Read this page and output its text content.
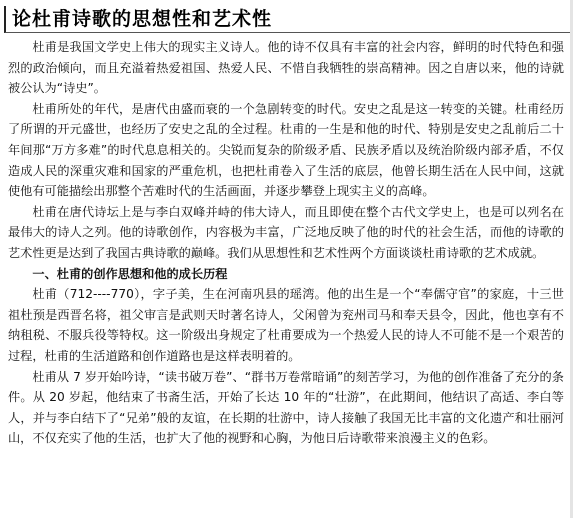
论杜甫诗歌的思想性和艺术性

杜甫是我国文学史上伟大的现实主义诗人。他的诗不仅具有丰富的社会内容，鲜明的时代特色和强烈的政治倾向，而且充溢着热爱祖国、热爱人民、不惜自我牺牲的崇高精神。因之自唐以来，他的诗就被公认为“诗史”。

杜甫所处的年代，是唐代由盛而衰的一个急剧转变的时代。安史之乱是这一转变的关键。杜甫经历了所谓的开元盛世，也经历了安史之乱的全过程。杜甫的一生是和他的时代、特别是安史之乱前后二十年间那“万方多难”的时代息息相关的。尖锐而复杂的阶级矛盾、民族矛盾以及统治阶级内部矛盾，不仅造成人民的深重灾难和国家的严重危机，也把杜甫卷入了生活的底层，他曾长期生活在人民中间，这就使他有可能描绘出那整个苦难时代的生活画面，并逐步攀登上现实主义的高峰。

杜甫在唐代诗坛上是与李白双峰并峙的伟大诗人，而且即使在整个古代文学史上，也是可以列名在最伟大的诗人之列。他的诗歌创作，内容极为丰富，广泛地反映了他的时代的社会生活，而他的诗歌的艺术性更是达到了我国古典诗歌的巅峰。我们从思想性和艺术性两个方面谈谈杜甫诗歌的艺术成就。

一、杜甫的创作思想和他的成长历程

杜甫（712----770），字子美，生在河南巩县的瑶湾。他的出生是一个“奉儒守官”的家庭，十三世祖杜预是西晋名将，祖父审言是武则天时著名诗人，父闲曾为兖州司马和奉天县令，因此，他也享有不纳租税、不服兵役等特权。这一阶级出身规定了杜甫要成为一个热爱人民的诗人不可能不是一个艰苦的过程，杜甫的生活道路和创作道路也是这样表明着的。

杜甫从 7 岁开始吟诗，“读书破万卷”、“群书万卷常暗诵”的刻苦学习，为他的创作准备了充分的条件。从 20 岁起，他结束了书斋生活，开始了长达 10 年的“壮游”，在此期间，他结识了高适、李白等人，并与李白结下了“兄弟”般的友谊，在长期的壮游中，诗人接触了我国无比丰富的文化遗产和壮丽河山，不仅充实了他的生活，也扩大了他的视野和心胸，为他日后诗歌带来浪漫主义的色彩。
